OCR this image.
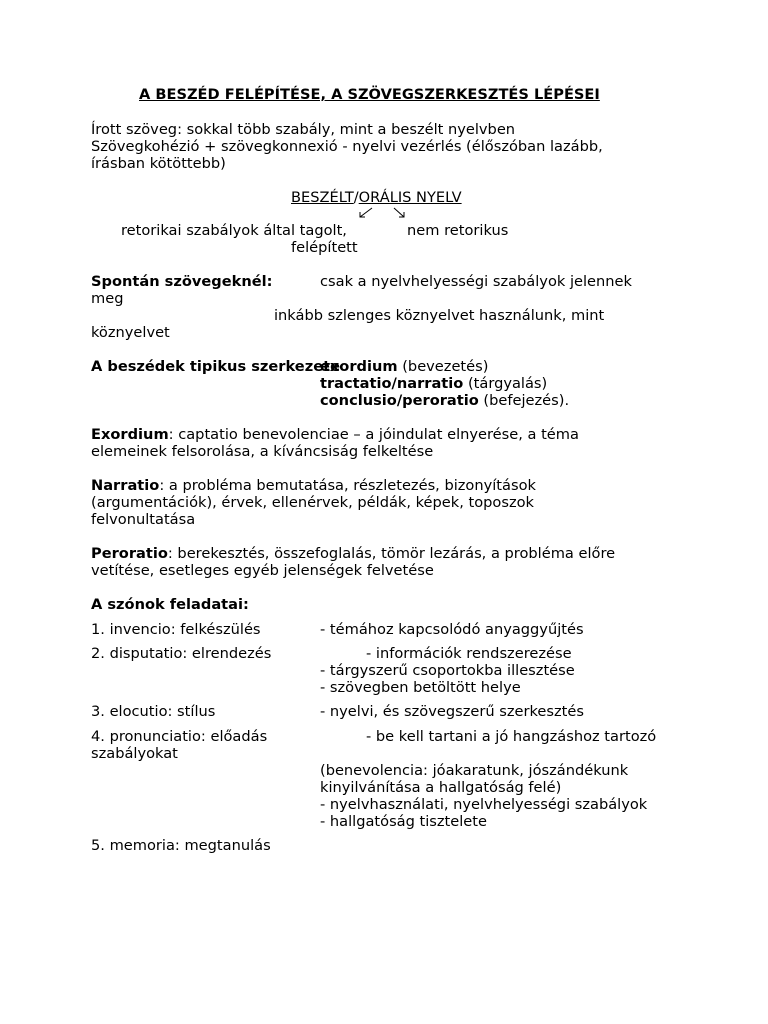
A BESZÉD FELÉPÍTÉSE, A SZÖVEGSZERKESZTÉS LÉPÉSEI
Írott szöveg: sokkal több szabály, mint a beszélt nyelvben
Szövegkohézió + szövegkonnexió - nyelvi vezérlés (élőszóban lazább,
írásban kötöttebb)
BESZÉLT/ORÁLIS NYELV
retorikai szabályok által tagolt,
felépített
nem retorikus
Spontán szövegeknél:	csak a nyelvhelyességi szabályok jelennek
meg
inkább szlenges köznyelvet használunk, mint
köznyelvet
A beszédek tipikus szerkezete
exordium (bevezetés)
tractatio/narratio (tárgyalás)
conclusio/peroratio (befejezés).
Exordium: captatio benevolenciae – a jóindulat elnyerése, a téma
elemeinek felsorolása, a kíváncsiság felkeltése
Narratio: a probléma bemutatása, részletezés, bizonyítások
(argumentációk), érvek, ellenérvek, példák, képek, toposzok
felvonultatása
Peroratio: berekesztés, összefoglalás, tömör lezárás, a probléma előre
vetítése, esetleges egyéb jelenségek felvetése
A szónok feladatai:
1. invencio: felkészülés	- témához kapcsolódó anyaggyűjtés
2. disputatio: elrendezés	- információk rendszerezése
- tárgyszerű csoportokba illesztése
- szövegben betöltött helye
3. elocutio: stílus	- nyelvi, és szövegszerű szerkesztés
4. pronunciatio: előadás	- be kell tartani a jó hangzáshoz tartozó
szabályokat
(benevolencia: jóakaratunk, jószándékunk
kinyilvánítása a hallgatóság felé)
- nyelvhasználati, nyelvhelyességi szabályok
- hallgatóság tisztelete
5. memoria: megtanulás
